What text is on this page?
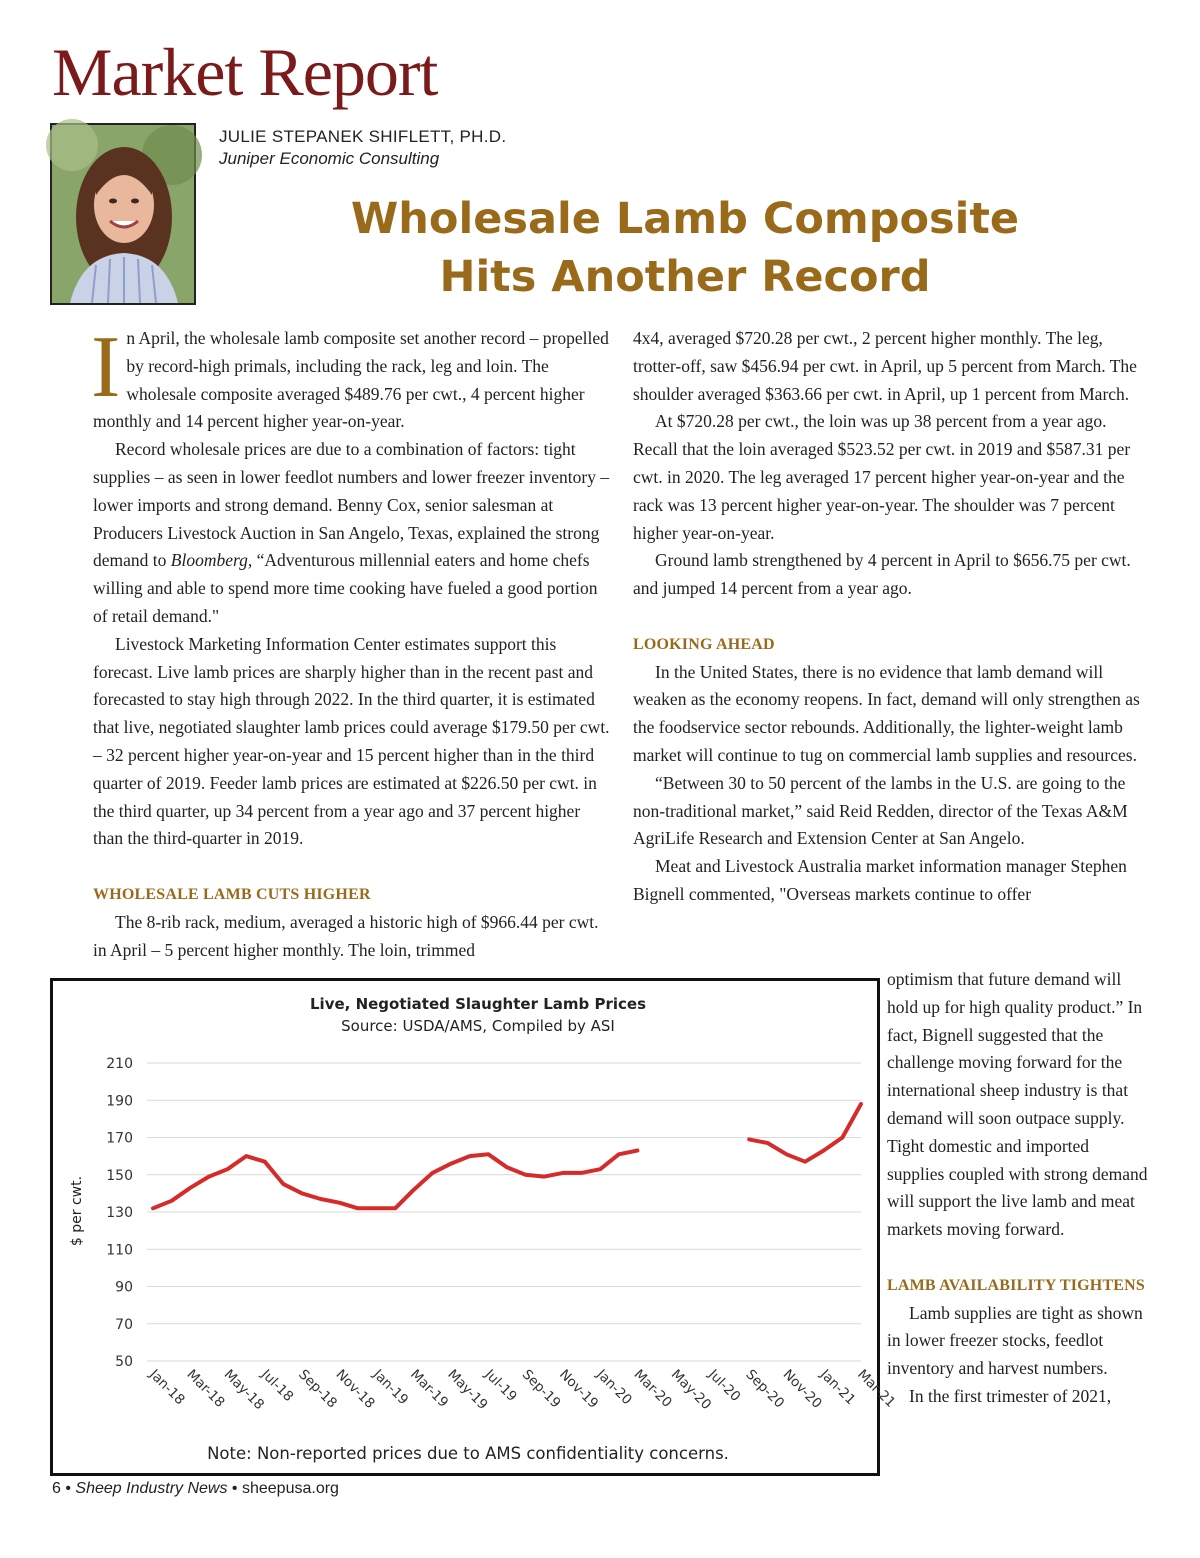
Market Report
JULIE STEPANEK SHIFLETT, PH.D.
Juniper Economic Consulting
Wholesale Lamb Composite
Hits Another Record

In April, the wholesale lamb composite set another record – propelled by record-high primals, including the rack, leg and loin. The wholesale composite averaged $489.76 per cwt., 4 percent higher monthly and 14 percent higher year-on-year.

Record wholesale prices are due to a combination of factors: tight supplies – as seen in lower feedlot numbers and lower freezer inventory – lower imports and strong demand. Benny Cox, senior salesman at Producers Livestock Auction in San Angelo, Texas, explained the strong demand to Bloomberg, “Adventurous millennial eaters and home chefs willing and able to spend more time cooking have fueled a good portion of retail demand."

Livestock Marketing Information Center estimates support this forecast. Live lamb prices are sharply higher than in the recent past and forecasted to stay high through 2022. In the third quarter, it is estimated that live, negotiated slaughter lamb prices could average $179.50 per cwt. – 32 percent higher year-on-year and 15 percent higher than in the third quarter of 2019. Feeder lamb prices are estimated at $226.50 per cwt. in the third quarter, up 34 percent from a year ago and 37 percent higher than the third-quarter in 2019.

WHOLESALE LAMB CUTS HIGHER

The 8-rib rack, medium, averaged a historic high of $966.44 per cwt. in April – 5 percent higher monthly. The loin, trimmed

4x4, averaged $720.28 per cwt., 2 percent higher monthly. The leg, trotter-off, saw $456.94 per cwt. in April, up 5 percent from March. The shoulder averaged $363.66 per cwt. in April, up 1 percent from March.

At $720.28 per cwt., the loin was up 38 percent from a year ago. Recall that the loin averaged $523.52 per cwt. in 2019 and $587.31 per cwt. in 2020. The leg averaged 17 percent higher year-on-year and the rack was 13 percent higher year-on-year. The shoulder was 7 percent higher year-on-year.

Ground lamb strengthened by 4 percent in April to $656.75 per cwt. and jumped 14 percent from a year ago.

LOOKING AHEAD

In the United States, there is no evidence that lamb demand will weaken as the economy reopens. In fact, demand will only strengthen as the foodservice sector rebounds. Additionally, the lighter-weight lamb market will continue to tug on commercial lamb supplies and resources.

“Between 30 to 50 percent of the lambs in the U.S. are going to the non-traditional market,” said Reid Redden, director of the Texas A&M AgriLife Research and Extension Center at San Angelo.

Meat and Livestock Australia market information manager Stephen Bignell commented, "Overseas markets continue to offer

optimism that future demand will hold up for high quality product.” In fact, Bignell suggested that the challenge moving forward for the international sheep industry is that demand will soon outpace supply. Tight domestic and imported supplies coupled with strong demand will support the live lamb and meat markets moving forward.

LAMB AVAILABILITY TIGHTENS

Lamb supplies are tight as shown in lower freezer stocks, feedlot inventory and harvest numbers.

In the first trimester of 2021,

Live, Negotiated Slaughter Lamb Prices
Source: USDA/AMS, Compiled by ASI
$ per cwt.
210
190
170
150
130
110
90
70
50
Jan-18
Mar-18
May-18
Jul-18
Sep-18
Nov-18
Jan-19
Mar-19
May-19
Jul-19
Sep-19
Nov-19
Jan-20
Mar-20
May-20
Jul-20
Sep-20
Nov-20
Jan-21
Mar-21
Note: Non-reported prices due to AMS confidentiality concerns.
6 • Sheep Industry News • sheepusa.org
